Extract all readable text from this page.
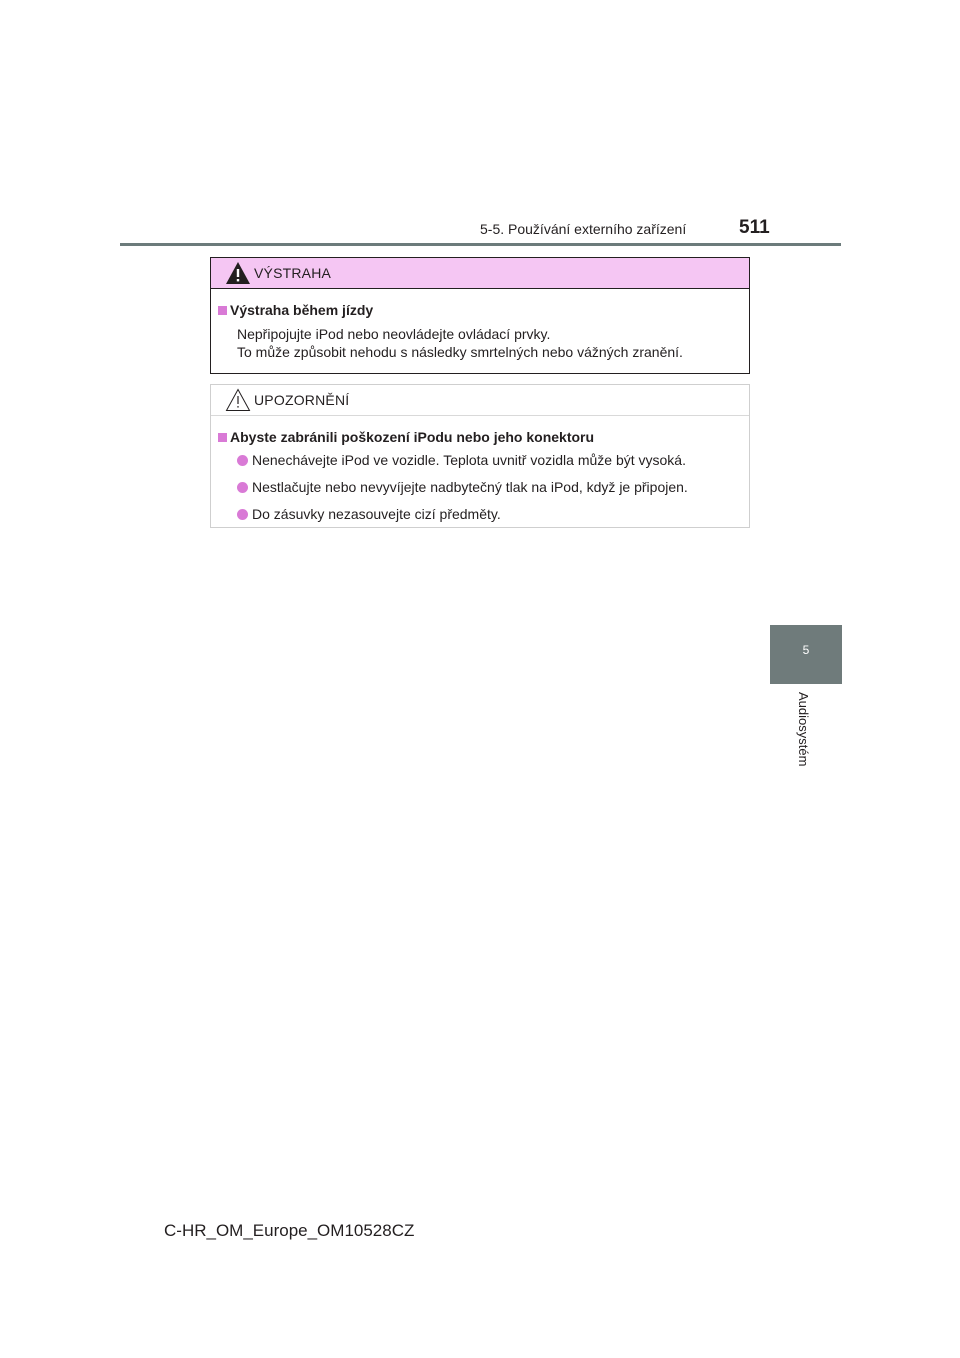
5-5. Používání externího zařízení	511
5
Audiosystém
VÝSTRAHA
Výstraha během jízdy
Nepřipojujte iPod nebo neovládejte ovládací prvky.
To může způsobit nehodu s následky smrtelných nebo vážných zranění.
UPOZORNĚNÍ
Abyste zabránili poškození iPodu nebo jeho konektoru
Nenechávejte iPod ve vozidle. Teplota uvnitř vozidla může být vysoká.
Nestlačujte nebo nevyvíjejte nadbytečný tlak na iPod, když je připojen.
Do zásuvky nezasouvejte cizí předměty.
C-HR_OM_Europe_OM10528CZ
